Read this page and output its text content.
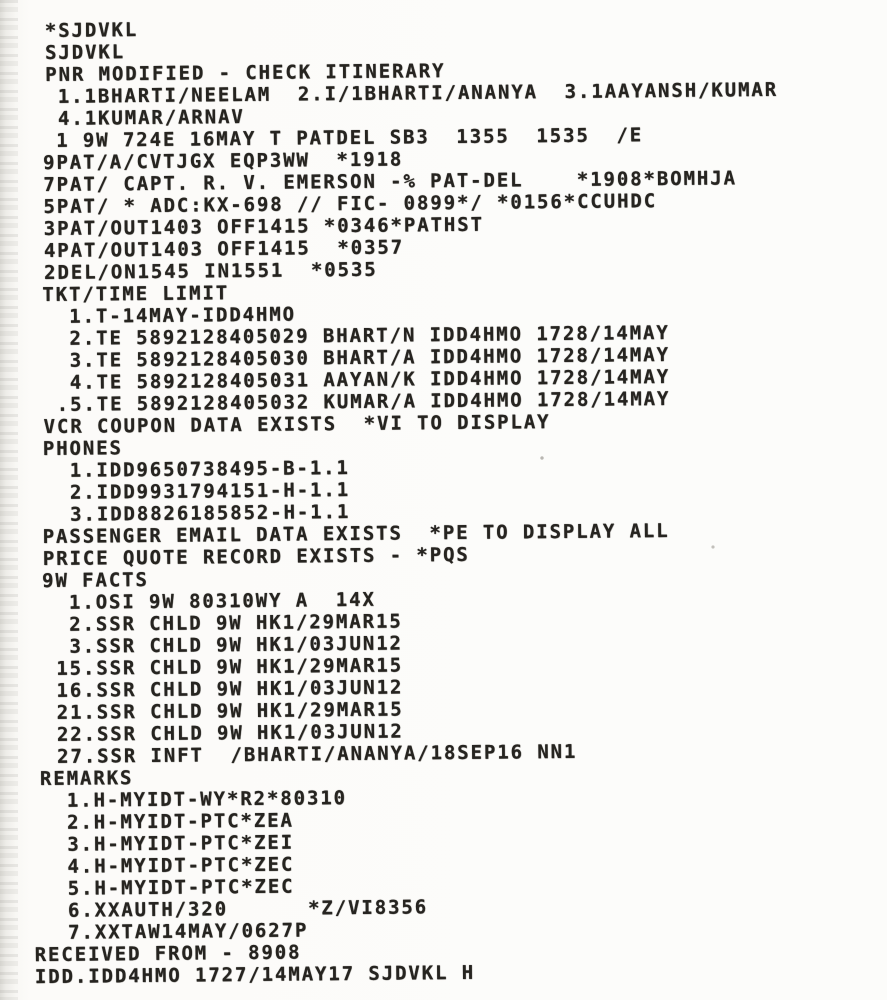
*SJDVKL
SJDVKL
PNR MODIFIED - CHECK ITINERARY
1.1BHARTI/NEELAM  2.I/1BHARTI/ANANYA  3.1AAYANSH/KUMAR
4.1KUMAR/ARNAV
1 9W 724E 16MAY T PATDEL SB3  1355  1535  /E
9PAT/A/CVTJGX EQP3WW  *1918
7PAT/ CAPT. R. V. EMERSON -% PAT-DEL    *1908*BOMHJA
5PAT/ * ADC:KX-698 // FIC- 0899*/ *0156*CCUHDC
3PAT/OUT1403 OFF1415 *0346*PATHST
4PAT/OUT1403 OFF1415  *0357
2DEL/ON1545 IN1551  *0535
TKT/TIME LIMIT
1.T-14MAY-IDD4HMO
2.TE 5892128405029 BHART/N IDD4HMO 1728/14MAY
3.TE 5892128405030 BHART/A IDD4HMO 1728/14MAY
4.TE 5892128405031 AAYAN/K IDD4HMO 1728/14MAY
.5.TE 5892128405032 KUMAR/A IDD4HMO 1728/14MAY
VCR COUPON DATA EXISTS  *VI TO DISPLAY
PHONES
1.IDD9650738495-B-1.1
2.IDD9931794151-H-1.1
3.IDD8826185852-H-1.1
PASSENGER EMAIL DATA EXISTS  *PE TO DISPLAY ALL
PRICE QUOTE RECORD EXISTS - *PQS
9W FACTS
1.OSI 9W 80310WY A  14X
2.SSR CHLD 9W HK1/29MAR15
3.SSR CHLD 9W HK1/03JUN12
15.SSR CHLD 9W HK1/29MAR15
16.SSR CHLD 9W HK1/03JUN12
21.SSR CHLD 9W HK1/29MAR15
22.SSR CHLD 9W HK1/03JUN12
27.SSR INFT  /BHARTI/ANANYA/18SEP16 NN1
REMARKS
1.H-MYIDT-WY*R2*80310
2.H-MYIDT-PTC*ZEA
3.H-MYIDT-PTC*ZEI
4.H-MYIDT-PTC*ZEC
5.H-MYIDT-PTC*ZEC
6.XXAUTH/320      *Z/VI8356
7.XXTAW14MAY/0627P
RECEIVED FROM - 8908
IDD.IDD4HMO 1727/14MAY17 SJDVKL H
